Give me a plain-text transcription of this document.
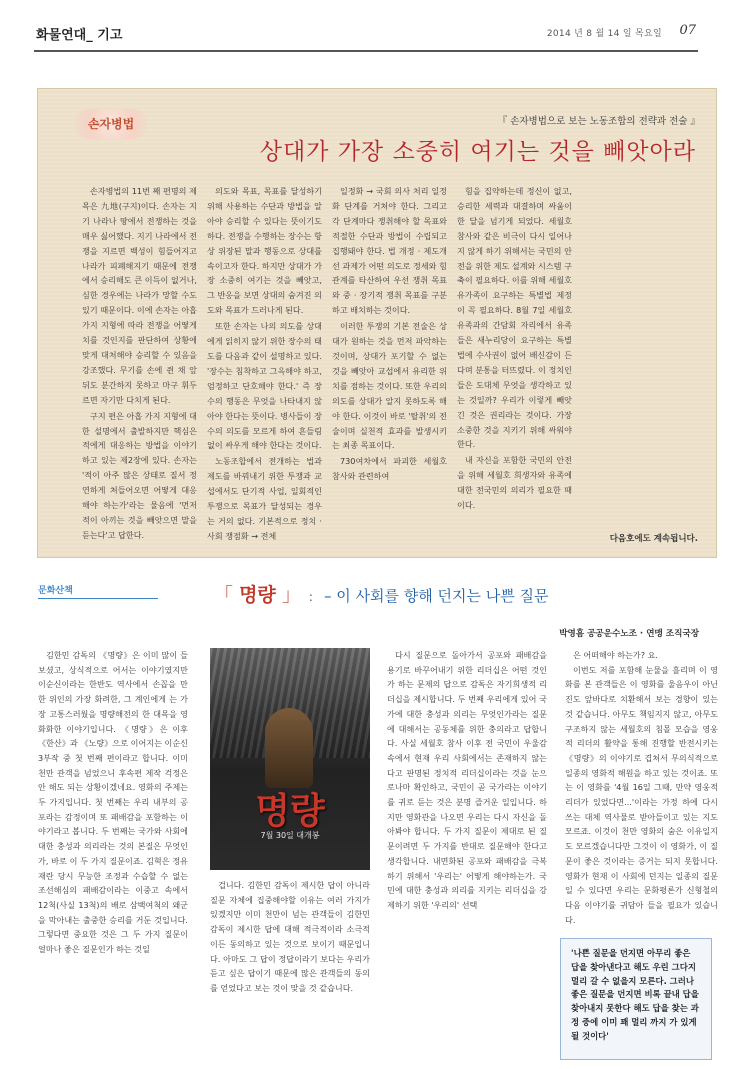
화물연대_ 기고	2014 년 8 월 14 일 목요일 07
손자병법	『 손자병법으로 보는 노동조합의 전략과 전술 』
상대가 가장 소중히 여기는 것을 빼앗아라

손자병법의 11번 째 편명의 제목은 九地(구지)이다. 손자는 지기 나라나 땅에서 전쟁하는 것을 매우 싫어했다. 지기 나라에서 전쟁을 지르면 백성이 힘들어지고 나라가 피폐해지기 때문에 전쟁에서 승리해도 큰 이득이 없거나, 심한 경우에는 나라가 망할 수도 있기 때문이다. 이에 손자는 아홉 가지 지형에 따라 전쟁을 어떻게 치를 것인지를 판단하여 상황에 맞게 대처해야 승리할 수 있음을 강조했다. 무기를 손에 쥔 채 앞뒤도 분간하지 못하고 마구 휘두르면 자기만 다치게 된다.

구지 편은 아홉 가지 지형에 대한 설명에서 출발하지만 핵심은 적에게 대응하는 방법을 이야기하고 있는 제2장에 있다. 손자는 '적이 아주 많은 상태로 질서 정연하게 쳐들어오면 어떻게 대응해야 하는가'라는 물음에 '먼저 적이 아끼는 것을 빼앗으면 말을 듣는다'고 답한다.

의도와 목표, 목표를 달성하기 위해 사용하는 수단과 방법을 알아야 승리할 수 있다는 뜻이기도 하다. 전쟁을 수행하는 장수는 항상 위장된 말과 행동으로 상대를 속이고자 한다. 하지만 상대가 가장 소중히 여기는 것을 빼앗고, 그 반응을 보면 상대의 숨겨진 의도와 목표가 드러나게 된다.

또한 손자는 나의 의도를 상대에게 읽히지 않기 위한 장수의 태도를 다음과 같이 설명하고 있다. '장수는 침착하고 그윽해야 하고, 엄정하고 단호해야 한다.' 즉 장수의 행동은 무엇을 나타내지 않아야 한다는 뜻이다. 병사들이 장수의 의도를 모르게 하여 흔들림 없이 싸우게 해야 한다는 것이다.

노동조합에서 전개하는 법과 제도를 바꿔내기 위한 투쟁과 교섭에서도 단기적 사업, 일회적인 투쟁으로 목표가 달성되는 경우는 거의 없다. 기본적으로 정치 · 사회 쟁점화 → 전체

일정화 → 국회 의사 처리 일정화 단계를 거쳐야 한다. 그리고 각 단계마다 쟁취해야 할 목표와 적절한 수단과 방법이 수립되고 집행돼야 한다. 법 개정 · 제도개선 과제가 어떤 의도로 정세와 힘 관계를 타산하여 우선 쟁취 목표와 중 · 장기적 쟁취 목표를 구분하고 배치하는 것이다.

이러한 투쟁의 기본 전술은 상대가 원하는 것을 먼저 파악하는 것이며, 상대가 포기할 수 없는 것을 빼앗아 교섭에서 유리한 위치를 점하는 것이다. 또한 우리의 의도를 상대가 알지 못하도록 해야 한다. 이것이 바로 '탈취'의 전술이며 실천적 효과를 발생시키는 최종 목표이다.

730여차에서 파괴한 세월호 참사와 관련하여

힘을 집약하는데 정신이 없고, 승리한 세력과 대결하며 싸움이 한 달을 넘기게 되었다. 세월호 참사와 같은 비극이 다시 일어나지 않게 하기 위해서는 국민의 안전을 위한 제도 설계와 시스템 구축이 필요하다. 이를 위해 세월호 유가족이 요구하는 특별법 제정이 꼭 필요하다. 8월 7일 세월호 유족과의 간담회 자리에서 유족들은 새누리당이 요구하는 특별법에 수사권이 없어 배신감이 든다며 분통을 터뜨렸다. 이 정치인들은 도대체 무엇을 생각하고 있는 것일까? 우리가 이렇게 빼앗긴 것은 권리라는 것이다. 가장 소중한 것을 지키기 위해 싸워야 한다.

내 자신을 포함한 국민의 안전을 위해 세월호 희생자와 유족에 대한 전국민의 의리가 필요한 때이다.

다음호에도 계속됩니다.
문화산책	「 명량 」 : – 이 사회를 향해 던지는 나쁜 질문
박영흠 공공운수노조 · 연맹 조직국장
명량
7월 30일 대개봉

김한민 감독의 《명량》은 이미 많이 들 보셨고, 상식적으로 어서는 이야기였지만 이순신이라는 한반도 역사에서 손꼽을 만한 위인의 가장 화려한, 그 계인에게 는 가장 고통스러웠을 명량해전의 한 대목을 영화화한 이야기입니다. 《명량》은 이후 《한산》과 《노량》으로 이어지는 이순신 3부작 중 첫 번째 편이라고 합니다. 이미 천만 관객을 넘었으니 후속편 제작 걱정은 안 해도 되는 상황이겠네요. 영화의 주제는 두 가지입니다. 첫 번째는 우리 내부의 공포라는 감정이며 또 패배감을 포함하는 이야기라고 봅니다. 두 번째는 국가와 사회에 대한 충성과 의리라는 것의 본질은 무엇인가, 바로 이 두 가지 질문이죠. 김혁은 정유재란 당시 무능한 조정과 수습할 수 없는 조선해심의 패배감이라는 이중고 속에서 12척(사실 13척)의 배로 삼백여척의 왜군을 막아내는 출중한 승리를 거둔 것입니다. 그렇다면 중요한 것은 그 두 가지 질문이 얼마나 좋은 질문인가 하는 것일

겁니다. 김한민 감독이 제시한 답이 아니라 질문 자체에 집중해야할 이유는 여러 가지가 있겠지만 이미 천만이 넘는 관객들이 김한민 감독이 제시한 답에 대해 적극적이라 소극적이든 동의하고 있는 것으로 보이기 때문입니다. 아마도 그 답이 정답이라기 보다는 우리가 듣고 싶은 답이기 때문에 많은 관객들의 동의를 얻었다고 보는 것이 맞을 것 같습니다.

다시 질문으로 돌아가서 공포와 패배감을 용기로 바꾸어내기 위한 리더십은 어떤 것인가 하는 문제의 답으로 감독은 자기희생적 리더십을 제시합니다. 두 번째 우리에게 있어 국가에 대한 충성과 의리는 무엇인가라는 질문에 대해서는 공동체를 위한 충의라고 답합니다. 사실 세월호 참사 이후 전 국민이 우울감 속에서 현재 우리 사회에서는 존재하지 않는다고 판명된 정치적 리더십이라는 것을 눈으로나마 확인하고, 국민이 곧 국가라는 이야기를 귀로 듣는 것은 분명 즐거운 일입니다. 하지만 영화관을 나오면 우리는 다시 자신을 돌아봐야 합니다. 두 가지 질문이 제대로 된 질문이려면 두 가지를 반대로 질문해야 한다고 생각합니다. 내면화된 공포와 패배감을 극복하기 위해서 '우리는' 어떻게 해야하는가. 국민에 대한 충성과 의리를 지키는 리더십을 강제하기 위한 '우리의' 선택

은 어떠해야 하는가? 요.

이번도 저를 포함해 눈물을 흘리며 이 영화를 본 관객들은 이 영화를 울음우이 아닌 진도 앞바다로 치환해서 보는 경향이 있는 것 같습니다. 아무도 책임지지 않고, 아무도 구조하지 않는 세월호의 침몰 모습을 영웅적 리더의 활약을 통해 진행할 반전시키는 《명량》의 이야기로 겹쳐서 무의식적으로 일종의 영화적 해원을 하고 있는 것이죠. 또는 이 영화를 '4월 16일 그때, 만약 영웅적 리더가 있었다면...'이라는 가정 하에 다시 쓰는 대체 역사물로 받아들이고 있는 지도 모르죠. 이것이 천만 영화의 숨은 이유일지도 모르겠습니다만 그것이 이 영화가, 이 질문이 좋은 것이라는 증거는 되지 못합니다. 영화가 현재 이 사회에 던지는 일종의 질문일 수 있다면 우리는 문화평론가 신형철의 다음 이야기를 귀담아 들을 필요가 있습니다.

'나쁜 질문을 던지면 아무리 좋은 답을 찾아낸다고 해도 우린 그다지 멀리 갈 수 없을지 모른다. 그러나 좋은 질문을 던지면 비록 끝내 답을 찾아내지 못한다 해도 답을 찾는 과정 중에 이미 꽤 멀리 까지 가 있게 될 것이다'
